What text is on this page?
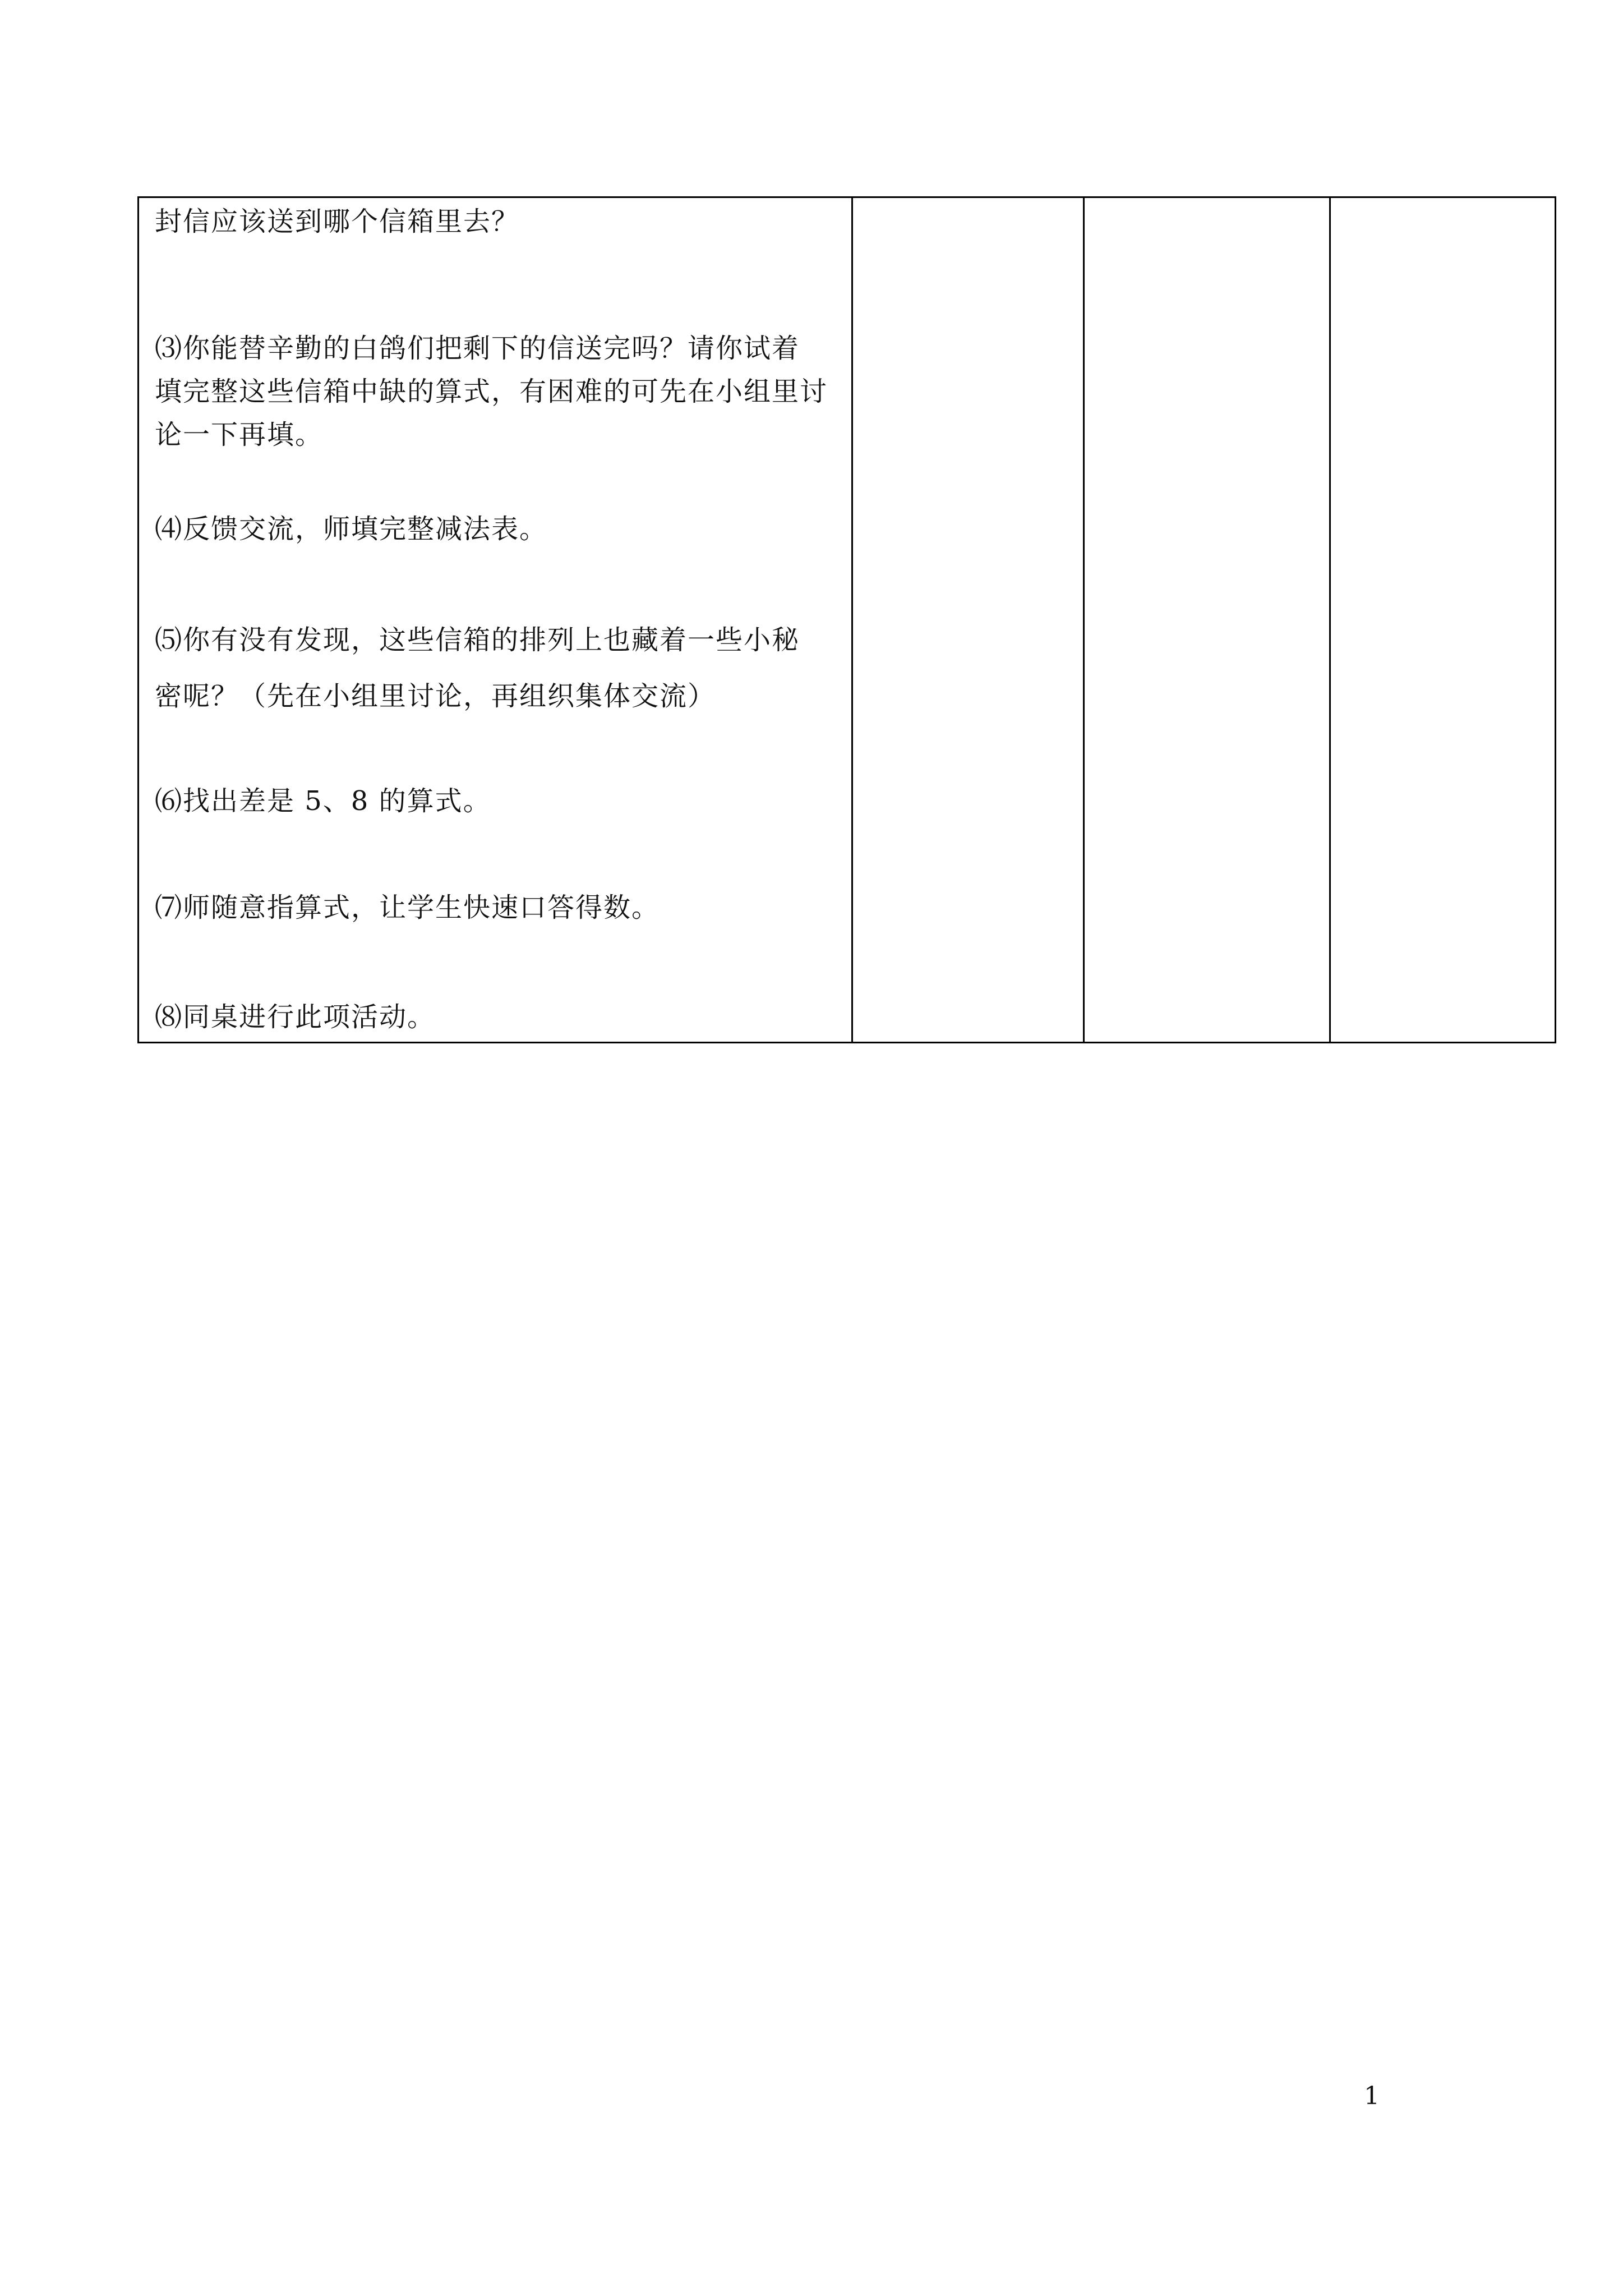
封信应该送到哪个信箱里去？
⑶你能替辛勤的白鸽们把剩下的信送完吗？请你试着
填完整这些信箱中缺的算式，有困难的可先在小组里讨
论一下再填。
⑷反馈交流，师填完整减法表。
⑸你有没有发现，这些信箱的排列上也藏着一些小秘
密呢？（先在小组里讨论，再组织集体交流）
⑹找出差是 5、8 的算式。
⑺师随意指算式，让学生快速口答得数。
⑻同桌进行此项活动。
1
